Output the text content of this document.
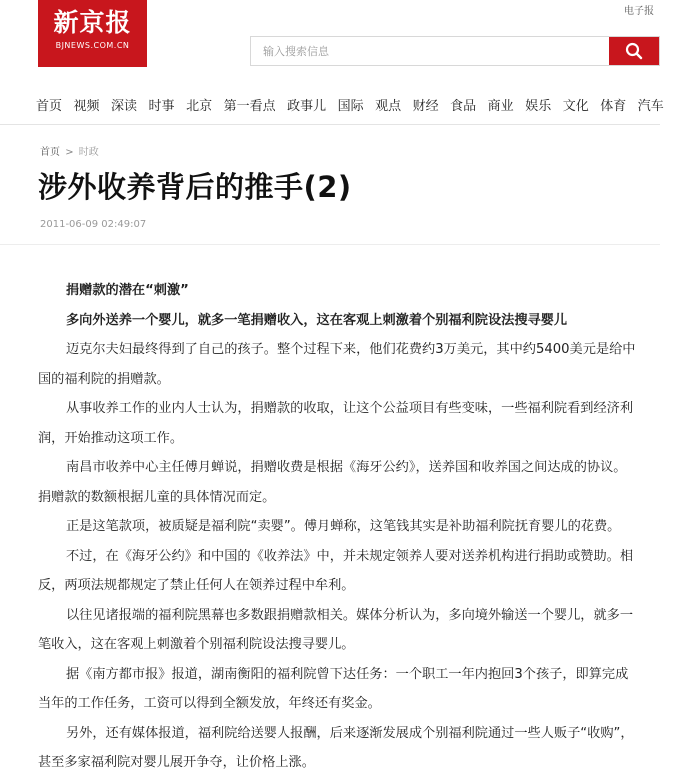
电子报
新京报
BJNEWS.COM.CN
输入搜索信息
首页 视频 深读 时事 北京 第一看点 政事儿 国际 观点 财经 食品 商业 娱乐 文化 体育 汽车
首页 > 时政
涉外收养背后的推手(2)
2011-06-09 02:49:07

捐赠款的潜在“刺激”

多向外送养一个婴儿，就多一笔捐赠收入，这在客观上刺激着个别福利院设法搜寻婴儿

迈克尔夫妇最终得到了自己的孩子。整个过程下来，他们花费约3万美元，其中约5400美元是给中国的福利院的捐赠款。

从事收养工作的业内人士认为，捐赠款的收取，让这个公益项目有些变味，一些福利院看到经济利润，开始推动这项工作。

南昌市收养中心主任傅月蝉说，捐赠收费是根据《海牙公约》，送养国和收养国之间达成的协议。捐赠款的数额根据儿童的具体情况而定。

正是这笔款项，被质疑是福利院“卖婴”。傅月蝉称，这笔钱其实是补助福利院抚育婴儿的花费。

不过，在《海牙公约》和中国的《收养法》中，并未规定领养人要对送养机构进行捐助或赞助。相反，两项法规都规定了禁止任何人在领养过程中牟利。

以往见诸报端的福利院黑幕也多数跟捐赠款相关。媒体分析认为，多向境外输送一个婴儿，就多一笔收入，这在客观上刺激着个别福利院设法搜寻婴儿。

据《南方都市报》报道，湖南衡阳的福利院曾下达任务：一个职工一年内抱回3个孩子，即算完成当年的工作任务，工资可以得到全额发放，年终还有奖金。

另外，还有媒体报道，福利院给送婴人报酬，后来逐渐发展成个别福利院通过一些人贩子“收购”，甚至多家福利院对婴儿展开争夺，让价格上涨。
